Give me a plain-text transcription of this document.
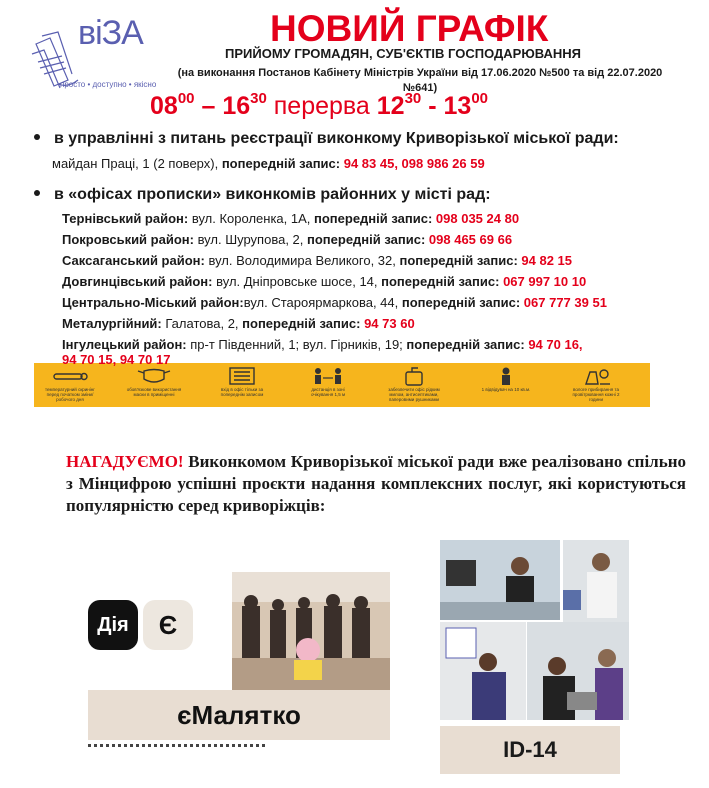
віЗА
просто • доступно • якісно
НОВИЙ ГРАФІК
ПРИЙОМУ ГРОМАДЯН, СУБ'ЄКТІВ ГОСПОДАРЮВАННЯ
(на виконання Постанов Кабінету Міністрів України від 17.06.2020 №500 та від 22.07.2020 №641)
$08^{00} - 16^{30}$ перерва $12^{30} - 13^{00}$
в управлінні з питань реєстрації виконкому Криворізької міської ради:
майдан Праці, 1 (2 поверх), попередній запис: 94 83 45, 098 986 26 59
в «офісах прописки» виконкомів районних у місті рад:
Тернівський район: вул. Короленка, 1А, попередній запис: 098 035 24 80
Покровський район: вул. Шурупова, 2, попередній запис: 098 465 69 66
Саксаганський район: вул. Володимира Великого, 32, попередній запис: 94 82 15
Довгинцівський район: вул. Дніпровське шосе, 14, попередній запис: 067 997 10 10
Центрально-Міський район:вул. Староярмаркова, 44, попередній запис: 067 777 39 51
Металургійний: Галатова, 2, попередній запис: 94 73 60
Інгулецький район: пр-т Південний, 1; вул. Гірників, 19; попередній запис: 94 70 16,
94 70 15, 94 70 17
температурний скринінг перед початком зміни/ робочого дня
обов'язкове використання маски в приміщенні
вхід в офіс тільки за попереднім записом
дистанція в зоні очікування 1,5 м
забезпечити офіс рідким милом, антисептиками, паперовими рушниками
1 відвідувач на 10 кв.м.	вологе прибирання та провітрювання кожні 2 години
НАГАДУЄМО! Виконкомом Криворізької міської ради вже реалізовано спільно з Мінцифрою успішні проєкти надання комплексних послуг, які користуються популярністю серед криворіжців:
Дія	Є
єМалятко
ID-14
